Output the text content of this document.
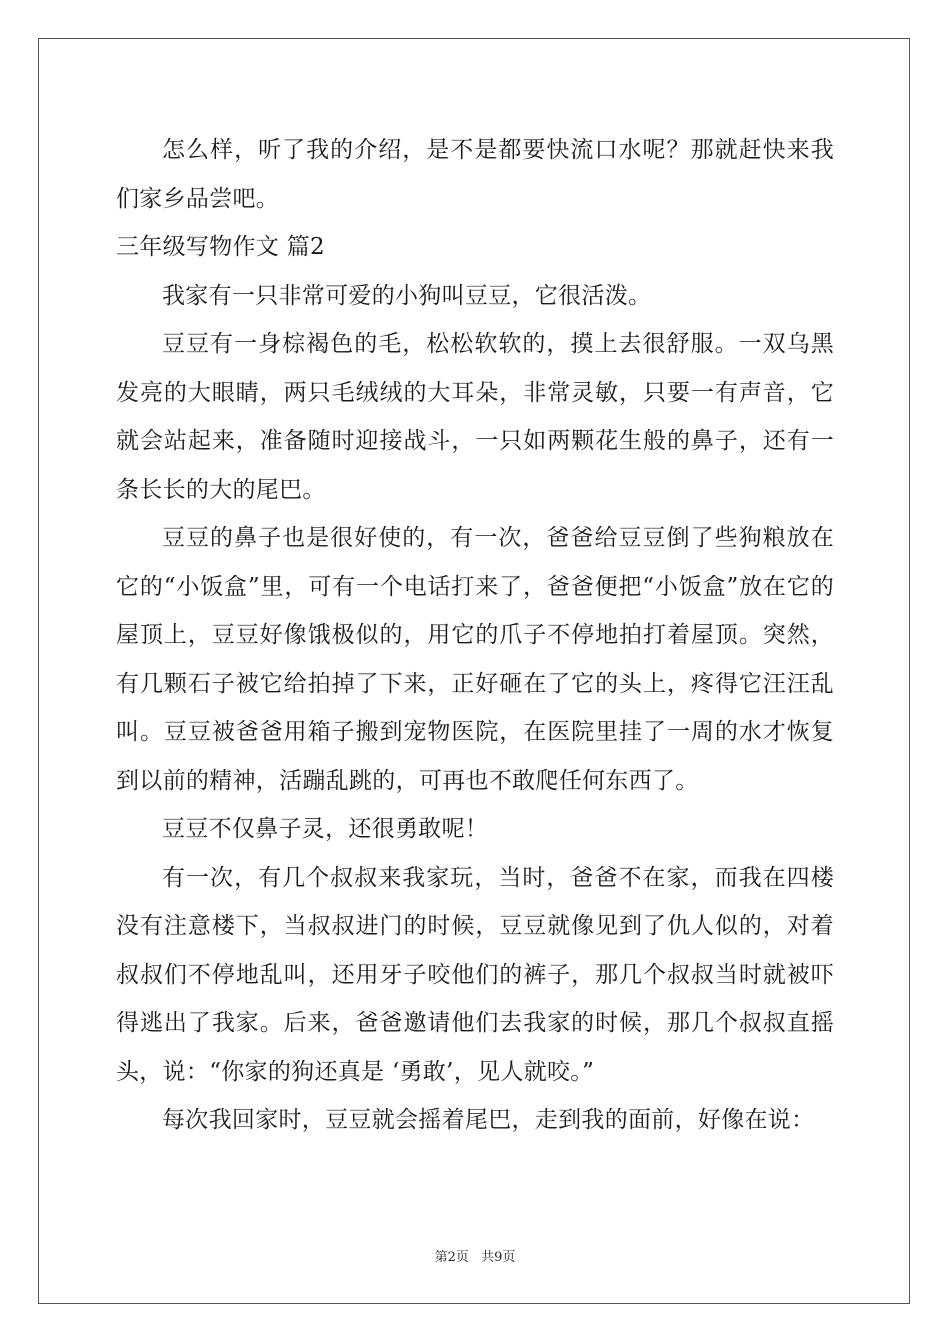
怎么样，听了我的介绍，是不是都要快流口水呢？那就赶快来我们家乡品尝吧。

三年级写物作文 篇2

我家有一只非常可爱的小狗叫豆豆，它很活泼。

豆豆有一身棕褐色的毛，松松软软的，摸上去很舒服。一双乌黑发亮的大眼睛，两只毛绒绒的大耳朵，非常灵敏，只要一有声音，它就会站起来，准备随时迎接战斗，一只如两颗花生般的鼻子，还有一条长长的大的尾巴。

豆豆的鼻子也是很好使的，有一次，爸爸给豆豆倒了些狗粮放在它的“小饭盒”里，可有一个电话打来了，爸爸便把“小饭盒”放在它的屋顶上，豆豆好像饿极似的，用它的爪子不停地拍打着屋顶。突然，有几颗石子被它给拍掉了下来，正好砸在了它的头上，疼得它汪汪乱叫。豆豆被爸爸用箱子搬到宠物医院，在医院里挂了一周的水才恢复到以前的精神，活蹦乱跳的，可再也不敢爬任何东西了。

豆豆不仅鼻子灵，还很勇敢呢！

有一次，有几个叔叔来我家玩，当时，爸爸不在家，而我在四楼没有注意楼下，当叔叔进门的时候，豆豆就像见到了仇人似的，对着叔叔们不停地乱叫，还用牙子咬他们的裤子，那几个叔叔当时就被吓得逃出了我家。后来，爸爸邀请他们去我家的时候，那几个叔叔直摇头，说：“你家的狗还真是 ‘勇敢’，见人就咬。”

每次我回家时，豆豆就会摇着尾巴，走到我的面前，好像在说：

第2页 共9页
